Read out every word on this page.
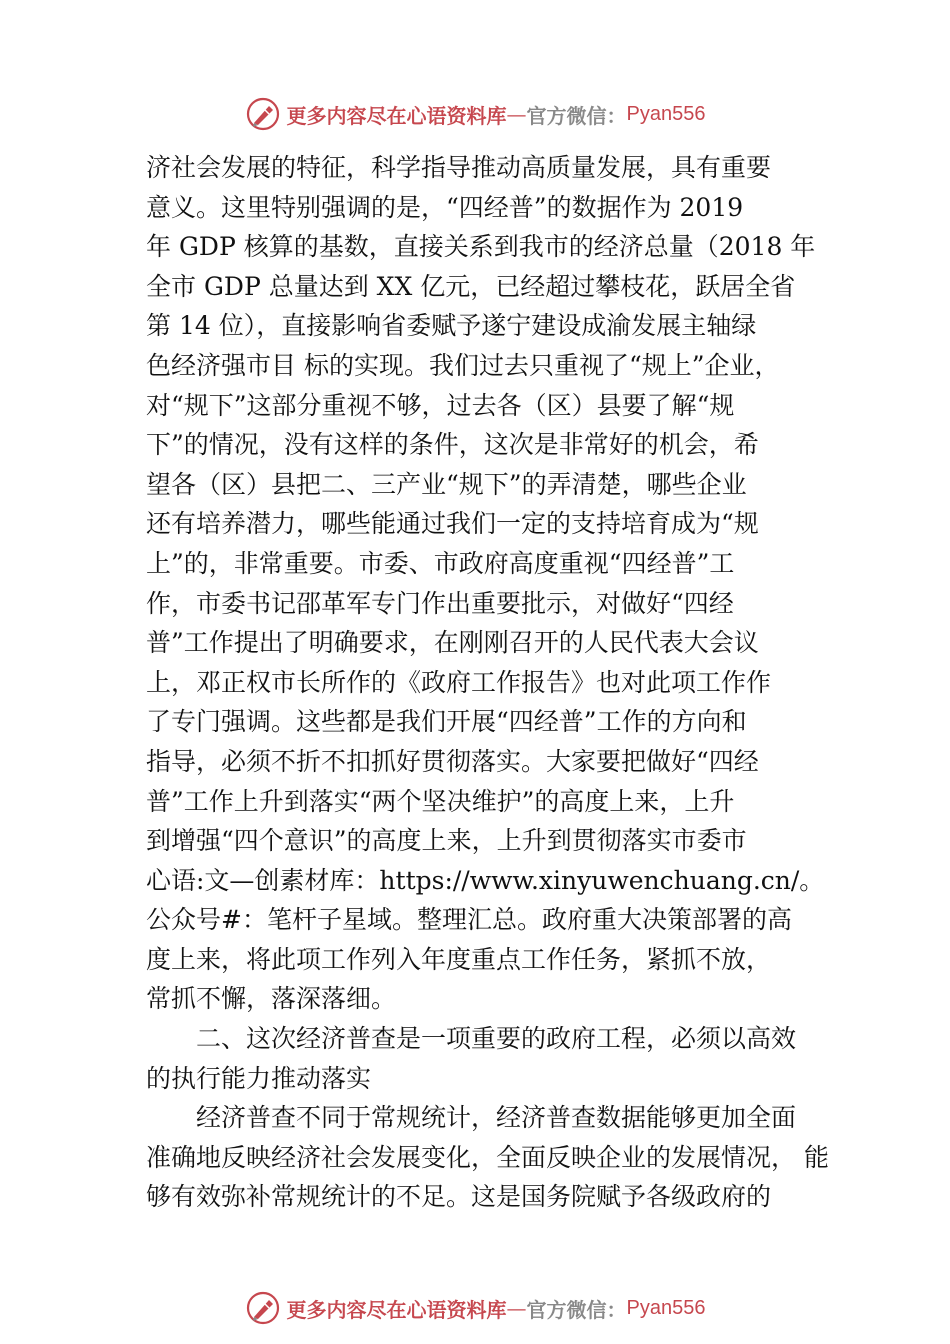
更多内容尽在心语资料库 — 官方微信： Pyan556
济社会发展的特征，科学指导推动高质量发展，具有重要
意义。这里特别强调的是，“四经普”的数据作为 2019
年 GDP 核算的基数，直接关系到我市的经济总量（2018 年
全市 GDP 总量达到 XX 亿元，已经超过攀枝花，跃居全省
第 14 位），直接影响省委赋予遂宁建设成渝发展主轴绿
色经济强市目 标的实现。我们过去只重视了“规上”企业，
对“规下”这部分重视不够，过去各（区）县要了解“规
下”的情况，没有这样的条件，这次是非常好的机会，希
望各（区）县把二、三产业“规下”的弄清楚，哪些企业
还有培养潜力，哪些能通过我们一定的支持培育成为“规
上”的，非常重要。市委、市政府高度重视“四经普”工
作，市委书记邵革军专门作出重要批示，对做好“四经
普”工作提出了明确要求，在刚刚召开的人民代表大会议
上，邓正权市长所作的《政府工作报告》也对此项工作作
了专门强调。这些都是我们开展“四经普”工作的方向和
指导，必须不折不扣抓好贯彻落实。大家要把做好“四经
普”工作上升到落实“两个坚决维护”的高度上来，上升
到增强“四个意识”的高度上来，上升到贯彻落实市委市
心语:文—创素材库：https://www.xinyuwenchuang.cn/。
公众号#：笔杆子星域。整理汇总。政府重大决策部署的高
度上来，将此项工作列入年度重点工作任务，紧抓不放，
常抓不懈，落深落细。
二、这次经济普查是一项重要的政府工程，必须以高效
的执行能力推动落实
经济普查不同于常规统计，经济普查数据能够更加全面
准确地反映经济社会发展变化，全面反映企业的发展情况， 能
够有效弥补常规统计的不足。这是国务院赋予各级政府的
更多内容尽在心语资料库 — 官方微信： Pyan556
